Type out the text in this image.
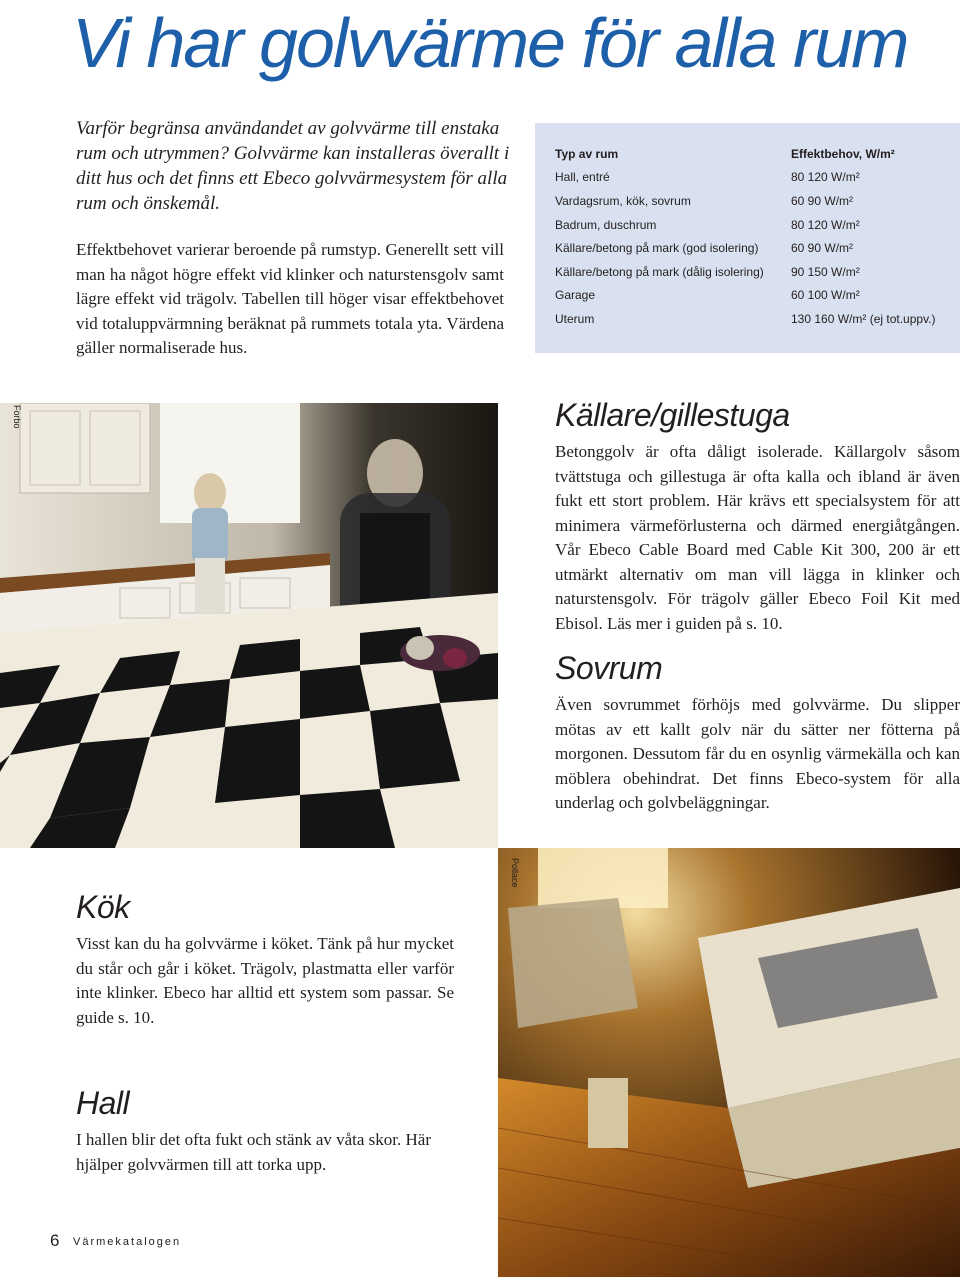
Vi har golvvärme för alla rum
Varför begränsa användandet av golvvärme till enstaka rum och utrymmen? Golvvärme kan installeras överallt i ditt hus och det finns ett Ebeco golvvärmesystem för alla rum och önskemål.

Effektbehovet varierar beroende på rumstyp. Generellt sett vill man ha något högre effekt vid klinker och naturstensgolv samt lägre effekt vid trägolv. Tabellen till höger visar effektbehovet vid totaluppvärmning beräknat på rummets totala yta. Värdena gäller normaliserade hus.

Typ av rum	Effektbehov, W/m²
Hall, entré	80 120 W/m²
Vardagsrum, kök, sovrum	60 90 W/m²
Badrum, duschrum	80 120 W/m²
Källare/betong på mark (god isolering)	60 90 W/m²
Källare/betong på mark (dålig isolering) 90 150 W/m²
Garage	60 100 W/m²
Uterum	130 160 W/m² (ej tot.uppv.)
Forbo
Pollace
Källare/gillestuga

Betonggolv är ofta dåligt isolerade. Källargolv såsom tvättstuga och gillestuga är ofta kalla och ibland är även fukt ett stort problem. Här krävs ett specialsystem för att minimera värmeförlusterna och därmed energiåtgången. Vår Ebeco Cable Board med Cable Kit 300, 200 är ett utmärkt alternativ om man vill lägga in klinker och naturstensgolv. För trägolv gäller Ebeco Foil Kit med Ebisol. Läs mer i guiden på s. 10.

Sovrum

Även sovrummet förhöjs med golvvärme. Du slipper mötas av ett kallt golv när du sätter ner fötterna på morgonen. Dessutom får du en osynlig värmekälla och kan möblera obehindrat. Det finns Ebeco-system för alla underlag och golvbeläggningar.

Kök

Visst kan du ha golvvärme i köket. Tänk på hur mycket du står och går i köket. Trägolv, plastmatta eller varför inte klinker. Ebeco har alltid ett system som passar. Se guide s. 10.

Hall

I hallen blir det ofta fukt och stänk av våta skor. Här hjälper golvvärmen till att torka upp.

6 Värmekatalogen
